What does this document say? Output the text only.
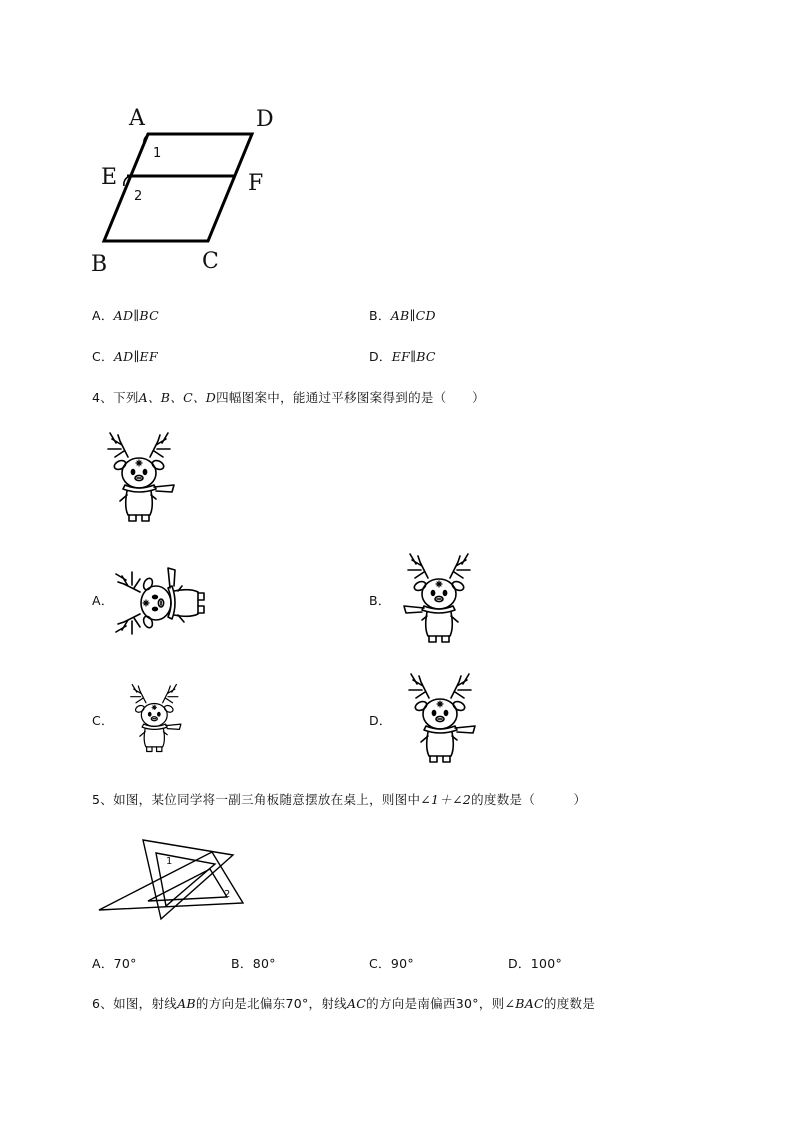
A	D
E	F
B	C
1
2
A．AD∥BC	B．AB∥CD
C．AD∥EF	D．EF∥BC
4、下列A、B、C、D四幅图案中，能通过平移图案得到的是（　　）
A．	B．
C．	D．
5、如图，某位同学将一副三角板随意摆放在桌上，则图中∠1＋∠2的度数是（　　　）
1
2
A．70°	B．80°	C．90°	D．100°
6、如图，射线AB的方向是北偏东70°，射线AC的方向是南偏西30°，则∠BAC的度数是
